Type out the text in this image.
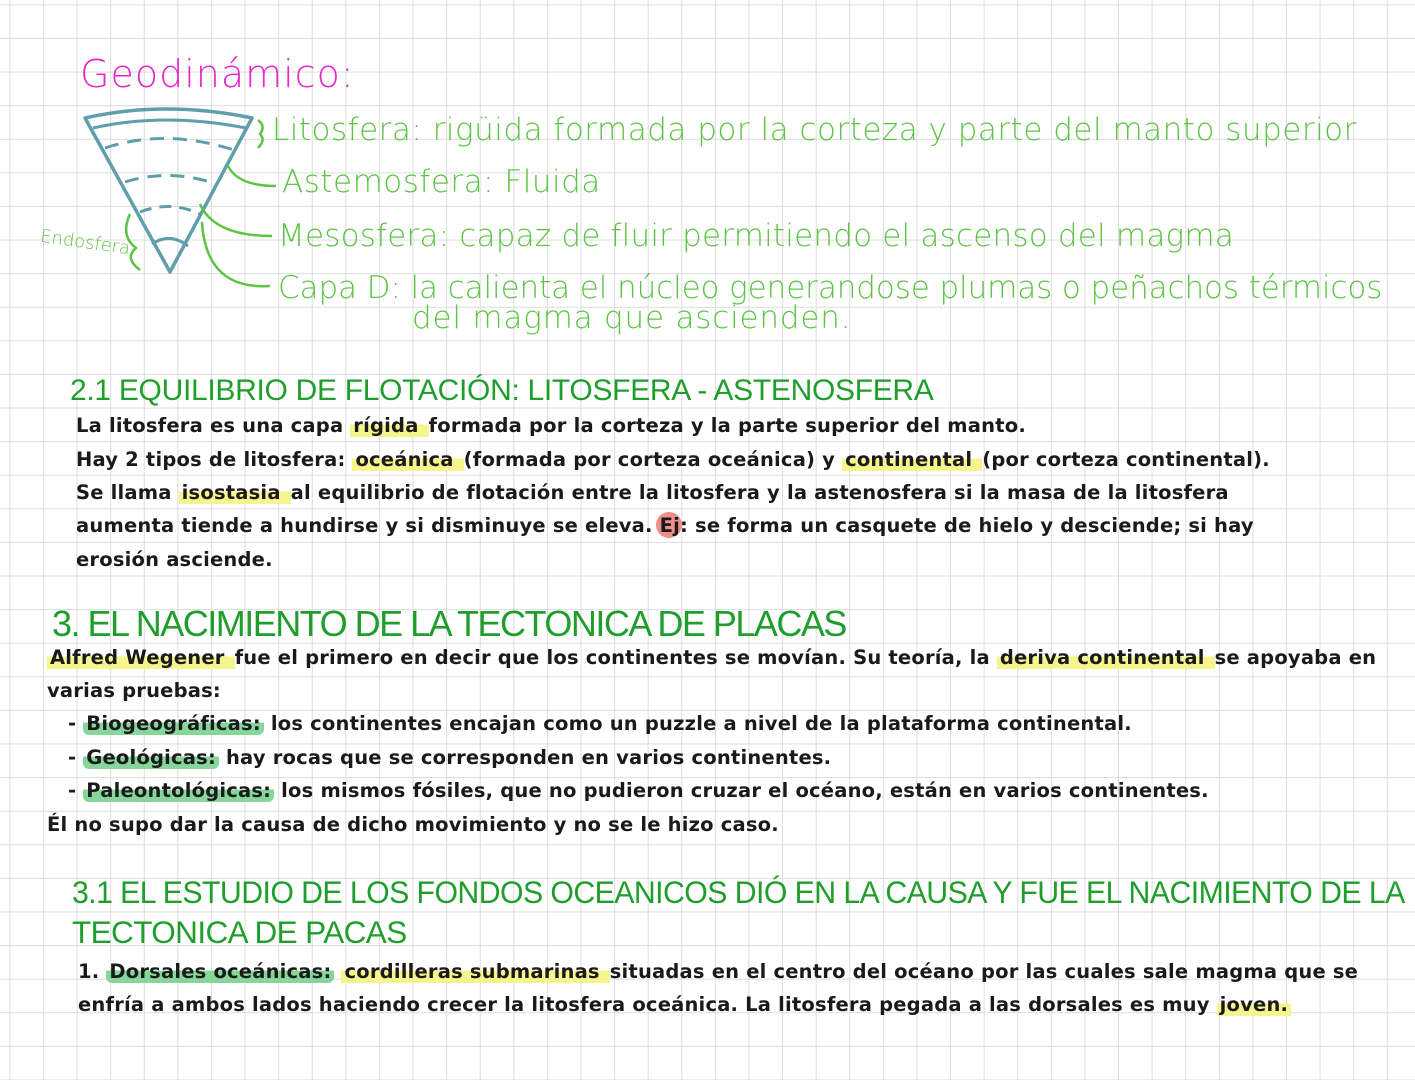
Geodinámico:
Endosfera
Litosfera: rigüida formada por la corteza y parte del manto superior
Astemosfera: Fluida
Mesosfera: capaz de fluir permitiendo el ascenso del magma
Capa D: la calienta el núcleo generandose plumas o peñachos térmicos
del magma que ascienden.
2.1 EQUILIBRIO DE FLOTACIÓN: LITOSFERA - ASTENOSFERA
La litosfera es una capa rígida formada por la corteza y la parte superior del manto.
Hay 2 tipos de litosfera: oceánica (formada por corteza oceánica) y continental (por corteza continental).
Se llama isostasia al equilibrio de flotación entre la litosfera y la astenosfera si la masa de la litosfera
aumenta tiende a hundirse y si disminuye se eleva. Ej: se forma un casquete de hielo y desciende; si hay
erosión asciende.
3. EL NACIMIENTO DE LA TECTONICA DE PLACAS
Alfred Wegener fue el primero en decir que los continentes se movían. Su teoría, la deriva continental se apoyaba en
varias pruebas:
- Biogeográficas: los continentes encajan como un puzzle a nivel de la plataforma continental.
- Geológicas: hay rocas que se corresponden en varios continentes.
- Paleontológicas: los mismos fósiles, que no pudieron cruzar el océano, están en varios continentes.
Él no supo dar la causa de dicho movimiento y no se le hizo caso.
3.1 EL ESTUDIO DE LOS FONDOS OCEANICOS DIÓ EN LA CAUSA Y FUE EL NACIMIENTO DE LA
TECTONICA DE PACAS
1. Dorsales oceánicas: cordilleras submarinas situadas en el centro del océano por las cuales sale magma que se
enfría a ambos lados haciendo crecer la litosfera oceánica. La litosfera pegada a las dorsales es muy joven.
